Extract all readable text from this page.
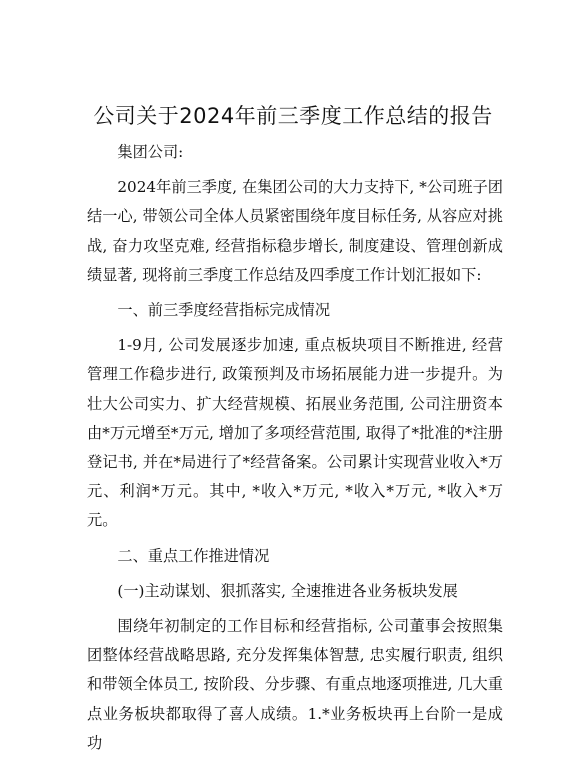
公司关于2024年前三季度工作总结的报告

集团公司:

2024年前三季度, 在集团公司的大力支持下, *公司班子团结一心, 带领公司全体人员紧密围绕年度目标任务, 从容应对挑战, 奋力攻坚克难, 经营指标稳步增长, 制度建设、管理创新成绩显著, 现将前三季度工作总结及四季度工作计划汇报如下:

一、前三季度经营指标完成情况

1-9月, 公司发展逐步加速, 重点板块项目不断推进, 经营管理工作稳步进行, 政策预判及市场拓展能力进一步提升。为壮大公司实力、扩大经营规模、拓展业务范围, 公司注册资本由*万元增至*万元, 增加了多项经营范围, 取得了*批准的*注册登记书, 并在*局进行了*经营备案。公司累计实现营业收入*万元、利润*万元。其中, *收入*万元, *收入*万元, *收入*万元。

二、重点工作推进情况

(一)主动谋划、狠抓落实, 全速推进各业务板块发展

围绕年初制定的工作目标和经营指标, 公司董事会按照集团整体经营战略思路, 充分发挥集体智慧, 忠实履行职责, 组织和带领全体员工, 按阶段、分步骤、有重点地逐项推进, 几大重点业务板块都取得了喜人成绩。1.*业务板块再上台阶一是成功
